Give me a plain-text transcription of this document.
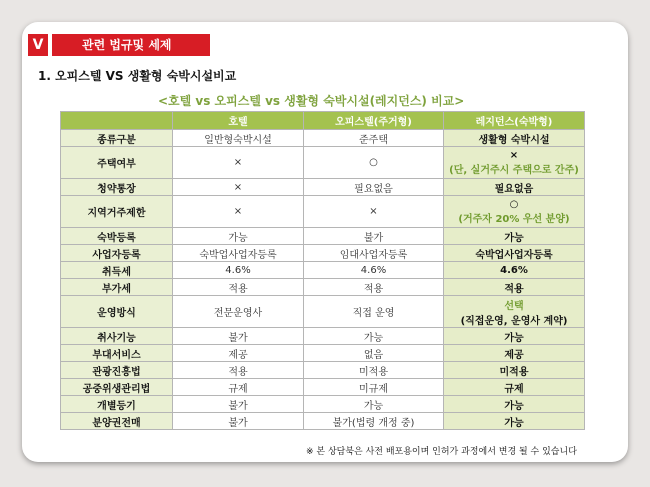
V	관련 법규및 세제
1. 오피스텔 VS 생활형 숙박시설비교
<호텔 vs 오피스텔 vs 생활형 숙박시설(레지던스) 비교>
	호텔	오피스텔(주거형)	레지던스(숙박형)
종류구분	일반형숙박시설	준주택	생활형 숙박시설

주택여부	×	○	×
(단, 실거주시 주택으로 간주)

청약통장	×	필요없음	필요없음

지역거주제한	×	×	○
(거주자 20% 우선 분양)

숙박등록	가능	불가	가능

사업자등록	숙박업사업자등록	임대사업자등록	숙박업사업자등록

취득세	4.6%	4.6%	4.6%

부가세	적용	적용	적용

운영방식	전문운영사	직접 운영	선택
(직접운영, 운영사 계약)

취사기능	불가	가능	가능

부대서비스	제공	없음	제공

관광진흥법	적용	미적용	미적용

공중위생관리법	규제	미규제	규제

개별등기	불가	가능	가능

분양권전매	불가	불가(법령 개정 중)	가능
※ 본 상담북은 사전 배포용이며 인허가 과정에서 변경 될 수 있습니다
